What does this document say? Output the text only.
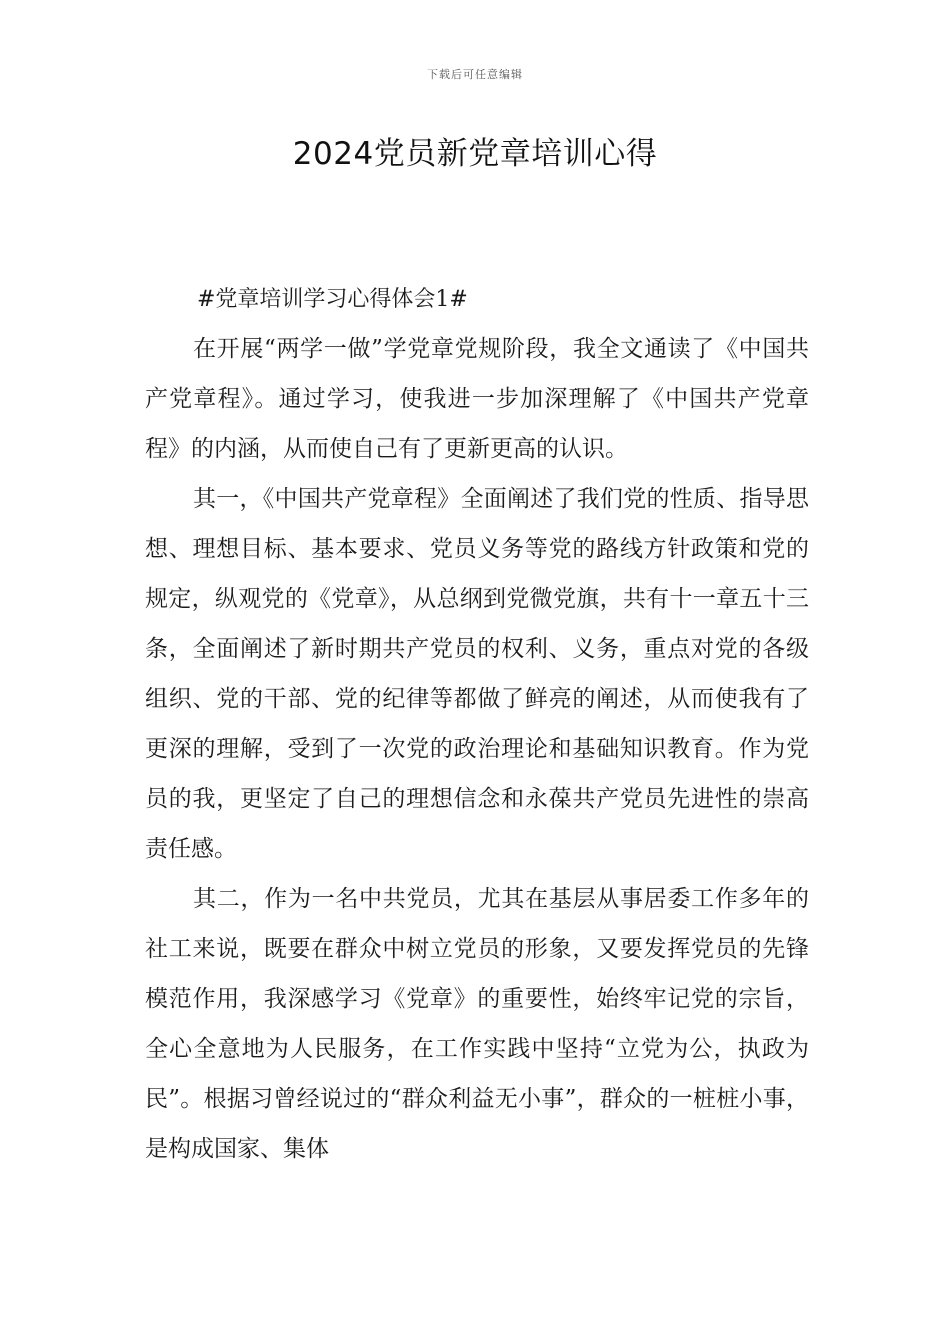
下载后可任意编辑
2024党员新党章培训心得

#党章培训学习心得体会1#

在开展“两学一做”学党章党规阶段，我全文通读了《中国共产党章程》。通过学习，使我进一步加深理解了《中国共产党章程》的内涵，从而使自己有了更新更高的认识。

其一，《中国共产党章程》全面阐述了我们党的性质、指导思想、理想目标、基本要求、党员义务等党的路线方针政策和党的规定，纵观党的《党章》，从总纲到党微党旗，共有十一章五十三条，全面阐述了新时期共产党员的权利、义务，重点对党的各级组织、党的干部、党的纪律等都做了鲜亮的阐述，从而使我有了更深的理解，受到了一次党的政治理论和基础知识教育。作为党员的我，更坚定了自己的理想信念和永葆共产党员先进性的崇高责任感。

其二，作为一名中共党员，尤其在基层从事居委工作多年的社工来说，既要在群众中树立党员的形象，又要发挥党员的先锋模范作用，我深感学习《党章》的重要性，始终牢记党的宗旨，全心全意地为人民服务，在工作实践中坚持“立党为公，执政为民”。根据习曾经说过的“群众利益无小事”，群众的一桩桩小事，是构成国家、集体
